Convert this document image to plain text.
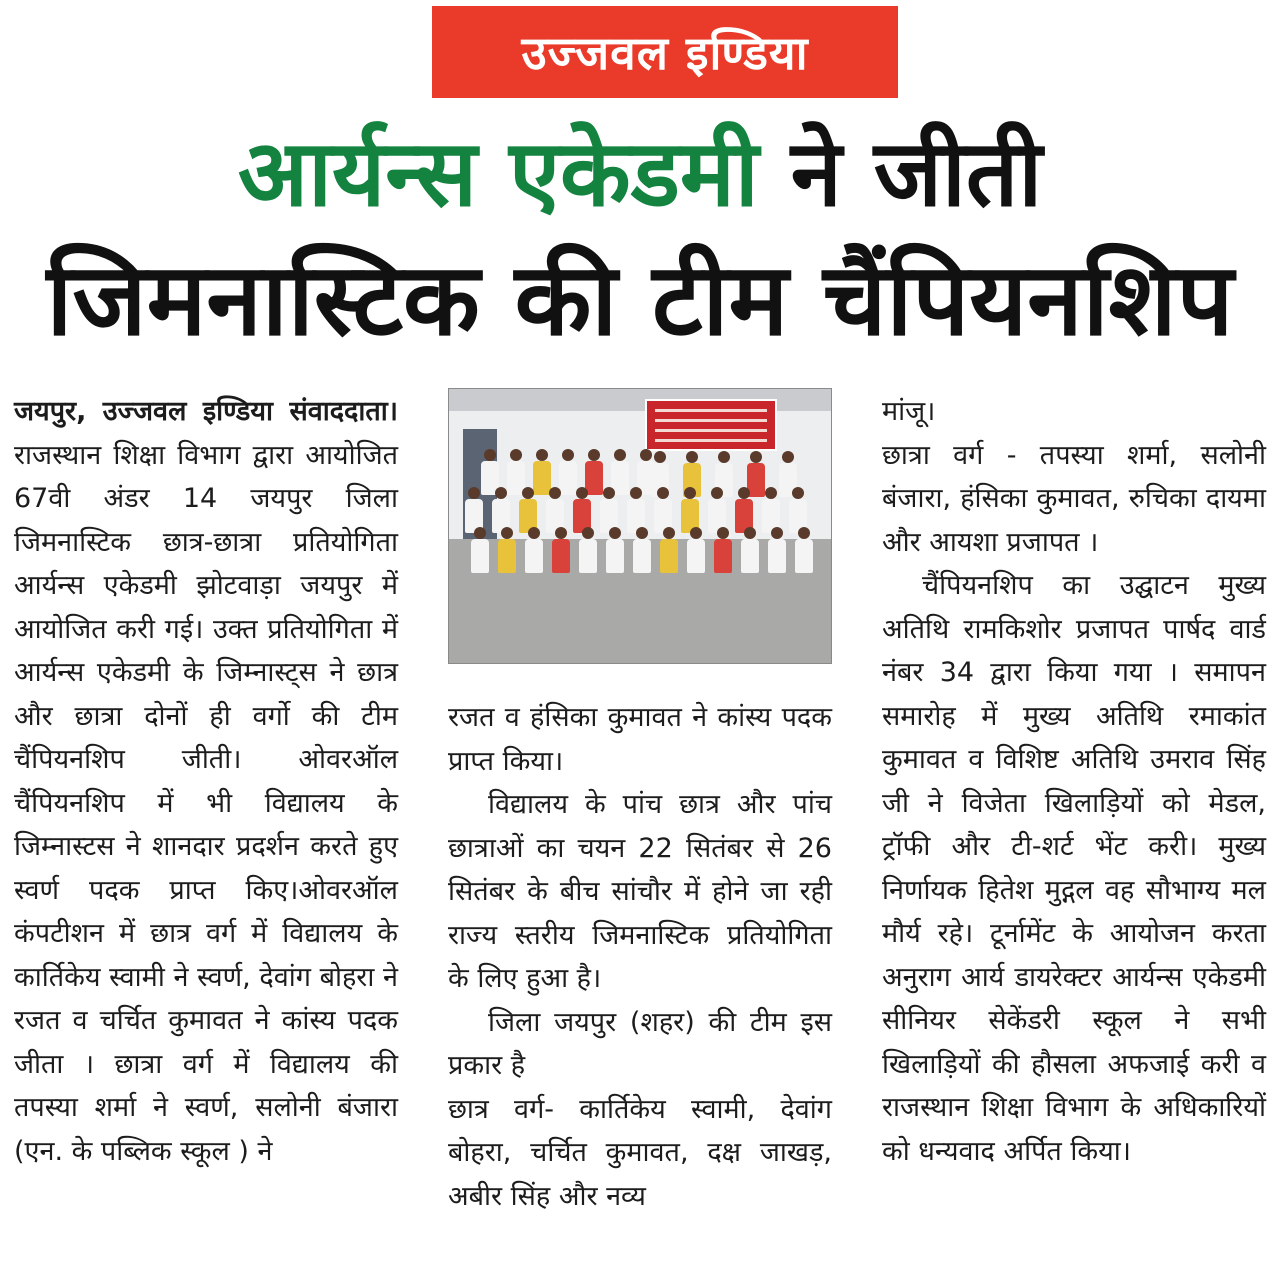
उज्जवल इण्डिया
आर्यन्स एकेडमी ने जीती
जिमनास्टिक की टीम चैंपियनशिप

जयपुर, उज्जवल इण्डिया संवाददाता। राजस्थान शिक्षा विभाग द्वारा आयोजित 67वी अंडर 14 जयपुर जिला जिमनास्टिक छात्र-छात्रा प्रतियोगिता आर्यन्स एकेडमी झोटवाड़ा जयपुर में आयोजित करी गई। उक्त प्रतियोगिता में आर्यन्स एकेडमी के जिम्नास्ट्स ने छात्र और छात्रा दोनों ही वर्गो की टीम चैंपियनशिप जीती। ओवरऑल चैंपियनशिप में भी विद्यालय के जिम्नास्टस ने शानदार प्रदर्शन करते हुए स्वर्ण पदक प्राप्त किए।ओवरऑल कंपटीशन में छात्र वर्ग में विद्यालय के कार्तिकेय स्वामी ने स्वर्ण, देवांग बोहरा ने रजत व चर्चित कुमावत ने कांस्य पदक जीता । छात्रा वर्ग में विद्यालय की तपस्या शर्मा ने स्वर्ण, सलोनी बंजारा (एन. के पब्लिक स्कूल ) ने

रजत व हंसिका कुमावत ने कांस्य पदक प्राप्त किया।

विद्यालय के पांच छात्र और पांच छात्राओं का चयन 22 सितंबर से 26 सितंबर के बीच सांचौर में होने जा रही राज्य स्तरीय जिमनास्टिक प्रतियोगिता के लिए हुआ है।

जिला जयपुर (शहर) की टीम इस प्रकार है

छात्र वर्ग- कार्तिकेय स्वामी, देवांग बोहरा, चर्चित कुमावत, दक्ष जाखड़, अबीर सिंह और नव्य

मांजू।

छात्रा वर्ग - तपस्या शर्मा, सलोनी बंजारा, हंसिका कुमावत, रुचिका दायमा और आयशा प्रजापत ।

चैंपियनशिप का उद्घाटन मुख्य अतिथि रामकिशोर प्रजापत पार्षद वार्ड नंबर 34 द्वारा किया गया । समापन समारोह में मुख्य अतिथि रमाकांत कुमावत व विशिष्ट अतिथि उमराव सिंह जी ने विजेता खिलाड़ियों को मेडल, ट्रॉफी और टी-शर्ट भेंट करी। मुख्य निर्णायक हितेश मुद्गल वह सौभाग्य मल मौर्य रहे। टूर्नामेंट के आयोजन करता अनुराग आर्य डायरेक्टर आर्यन्स एकेडमी सीनियर सेकेंडरी स्कूल ने सभी खिलाड़ियों की हौसला अफजाई करी व राजस्थान शिक्षा विभाग के अधिकारियों को धन्यवाद अर्पित किया।
